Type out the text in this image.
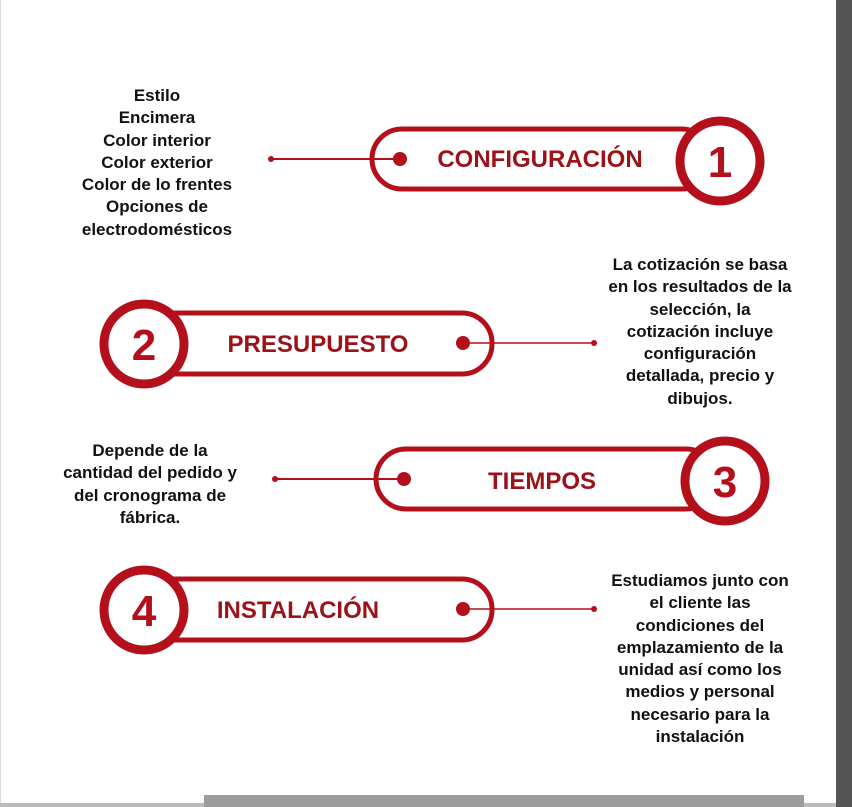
1
CONFIGURACIÓN
2	PRESUPUESTO
3
TIEMPOS
4	INSTALACIÓN
Estilo
Encimera
Color interior
Color exterior
Color de lo frentes
Opciones de
electrodomésticos
La cotización se basa
en los resultados de la
selección, la
cotización incluye
configuración
detallada, precio y
dibujos.
Depende de la
cantidad del pedido y
del cronograma de
fábrica.
Estudiamos junto con
el cliente las
condiciones del
emplazamiento de la
unidad así como los
medios y personal
necesario para la
instalación
